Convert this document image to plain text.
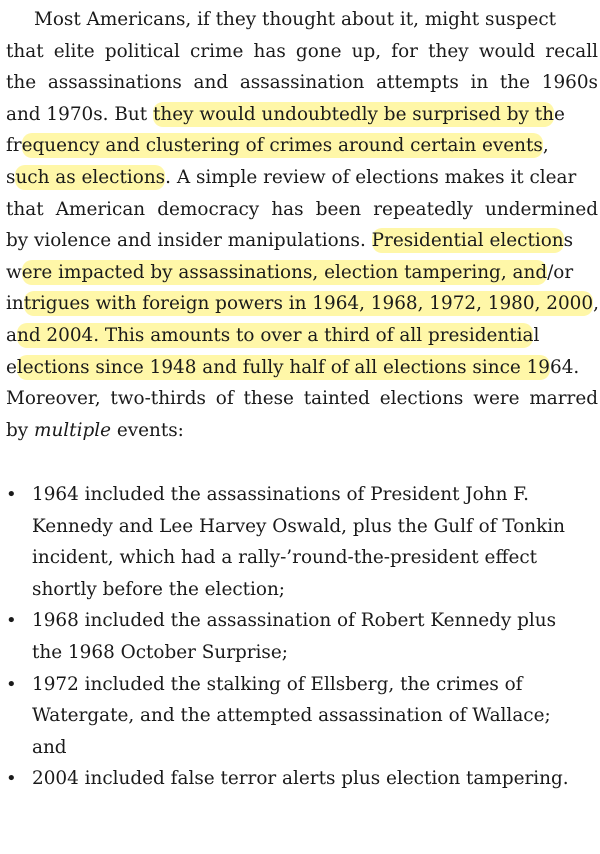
Most Americans, if they thought about it, might suspect
that elite political crime has gone up, for they would recall
the assassinations and assassination attempts in the 1960s
and 1970s. But they would undoubtedly be surprised by the
frequency and clustering of crimes around certain events,
such as elections. A simple review of elections makes it clear
that American democracy has been repeatedly undermined
by violence and insider manipulations. Presidential elections
were impacted by assassinations, election tampering, and/or
intrigues with foreign powers in 1964, 1968, 1972, 1980, 2000,
and 2004. This amounts to over a third of all presidential
elections since 1948 and fully half of all elections since 1964.
Moreover, two-thirds of these tainted elections were marred
by multiple events:
• 1964 included the assassinations of President John F.
Kennedy and Lee Harvey Oswald, plus the Gulf of Tonkin
incident, which had a rally-’round-the-president effect
shortly before the election;
• 1968 included the assassination of Robert Kennedy plus
the 1968 October Surprise;
• 1972 included the stalking of Ellsberg, the crimes of
Watergate, and the attempted assassination of Wallace;
and
• 2004 included false terror alerts plus election tampering.
